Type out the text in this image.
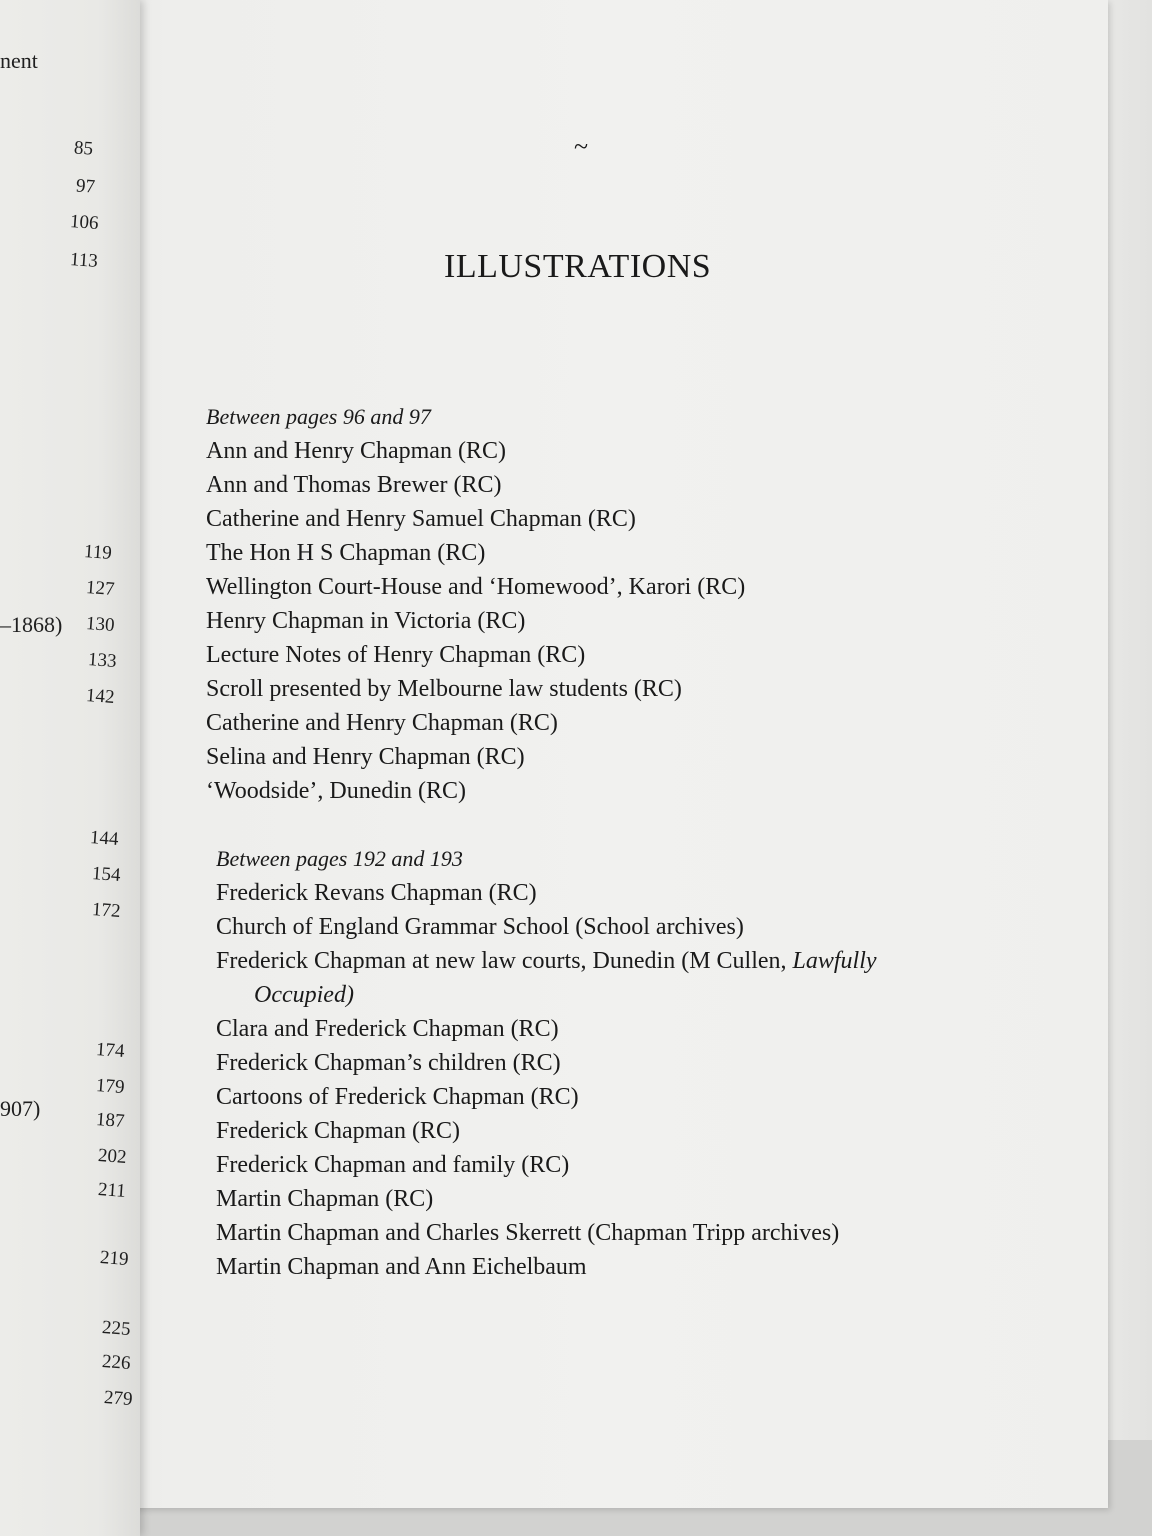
~
ILLUSTRATIONS
Between pages 96 and 97
Ann and Henry Chapman (RC)
Ann and Thomas Brewer (RC)
Catherine and Henry Samuel Chapman (RC)
The Hon H S Chapman (RC)
Wellington Court-House and ‘Homewood’, Karori (RC)
Henry Chapman in Victoria (RC)
Lecture Notes of Henry Chapman (RC)
Scroll presented by Melbourne law students (RC)
Catherine and Henry Chapman (RC)
Selina and Henry Chapman (RC)
‘Woodside’, Dunedin (RC)
Between pages 192 and 193
Frederick Revans Chapman (RC)
Church of England Grammar School (School archives)
Frederick Chapman at new law courts, Dunedin (M Cullen, Lawfully
Occupied)
Clara and Frederick Chapman (RC)
Frederick Chapman’s children (RC)
Cartoons of Frederick Chapman (RC)
Frederick Chapman (RC)
Frederick Chapman and family (RC)
Martin Chapman (RC)
Martin Chapman and Charles Skerrett (Chapman Tripp archives)
Martin Chapman and Ann Eichelbaum
nent
–1868)
907)
85
97
106
113
119
127
130
133
142
144
154
172
174
179
187
202
211
219
225
226
279
